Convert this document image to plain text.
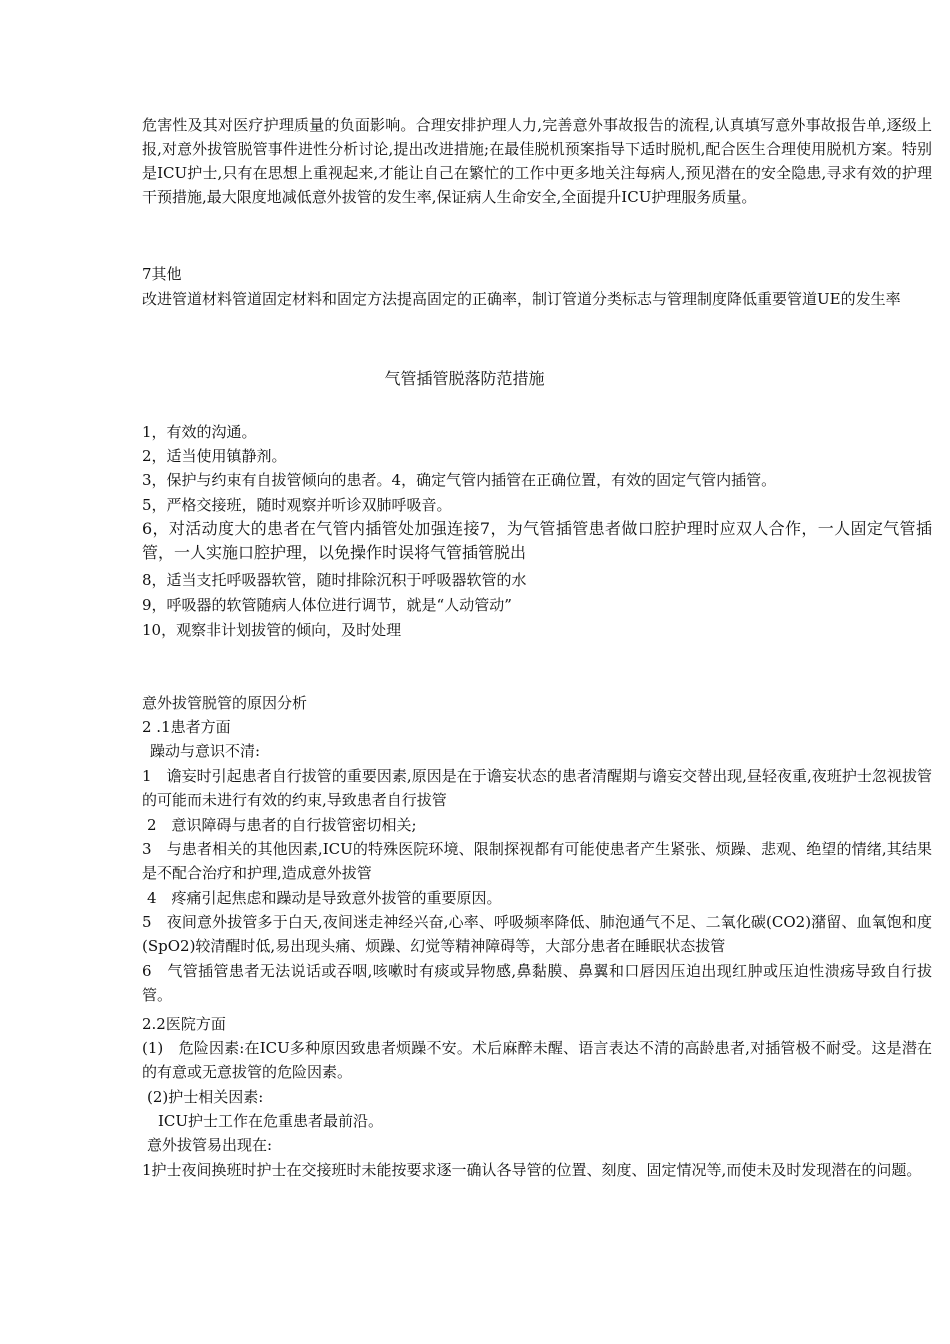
危害性及其对医疗护理质量的负面影响。合理安排护理人力,完善意外事故报告的流程,认真填写意外事故报告单,逐级上报,对意外拔管脱管事件进性分析讨论,提出改进措施;在最佳脱机预案指导下适时脱机,配合医生合理使用脱机方案。特别是ICU护士,只有在思想上重视起来,才能让自己在繁忙的工作中更多地关注每病人,预见潜在的安全隐患,寻求有效的护理干预措施,最大限度地减低意外拔管的发生率,保证病人生命安全,全面提升ICU护理服务质量。

7其他

改进管道材料管道固定材料和固定方法提高固定的正确率，制订管道分类标志与管理制度降低重要管道UE的发生率

气管插管脱落防范措施

1，有效的沟通。

2，适当使用镇静剂。

3，保护与约束有自拔管倾向的患者。4，确定气管内插管在正确位置，有效的固定气管内插管。

5，严格交接班，随时观察并听诊双肺呼吸音。

6，对活动度大的患者在气管内插管处加强连接7，为气管插管患者做口腔护理时应双人合作，一人固定气管插管，一人实施口腔护理，以免操作时误将气管插管脱出

8，适当支托呼吸器软管，随时排除沉积于呼吸器软管的水

9，呼吸器的软管随病人体位进行调节，就是“人动管动”

10，观察非计划拔管的倾向，及时处理

意外拔管脱管的原因分析

2 .1患者方面

躁动与意识不清:

1　谵妄时引起患者自行拔管的重要因素,原因是在于谵妄状态的患者清醒期与谵妄交替出现,昼轻夜重,夜班护士忽视拔管的可能而未进行有效的约束,导致患者自行拔管

2　意识障碍与患者的自行拔管密切相关;

3　与患者相关的其他因素,ICU的特殊医院环境、限制探视都有可能使患者产生紧张、烦躁、悲观、绝望的情绪,其结果是不配合治疗和护理,造成意外拔管

4　疼痛引起焦虑和躁动是导致意外拔管的重要原因。

5　夜间意外拔管多于白天,夜间迷走神经兴奋,心率、呼吸频率降低、肺泡通气不足、二氧化碳(CO2)潴留、血氧饱和度(SpO2)较清醒时低,易出现头痛、烦躁、幻觉等精神障碍等，大部分患者在睡眠状态拔管

6　气管插管患者无法说话或吞咽,咳嗽时有痰或异物感,鼻黏膜、鼻翼和口唇因压迫出现红肿或压迫性溃疡导致自行拔管。

2.2医院方面

(1)　危险因素:在ICU多种原因致患者烦躁不安。术后麻醉未醒、语言表达不清的高龄患者,对插管极不耐受。这是潜在的有意或无意拔管的危险因素。

(2)护士相关因素:

ICU护士工作在危重患者最前沿。

意外拔管易出现在:

1护士夜间换班时护士在交接班时未能按要求逐一确认各导管的位置、刻度、固定情况等,而使未及时发现潜在的问题。
